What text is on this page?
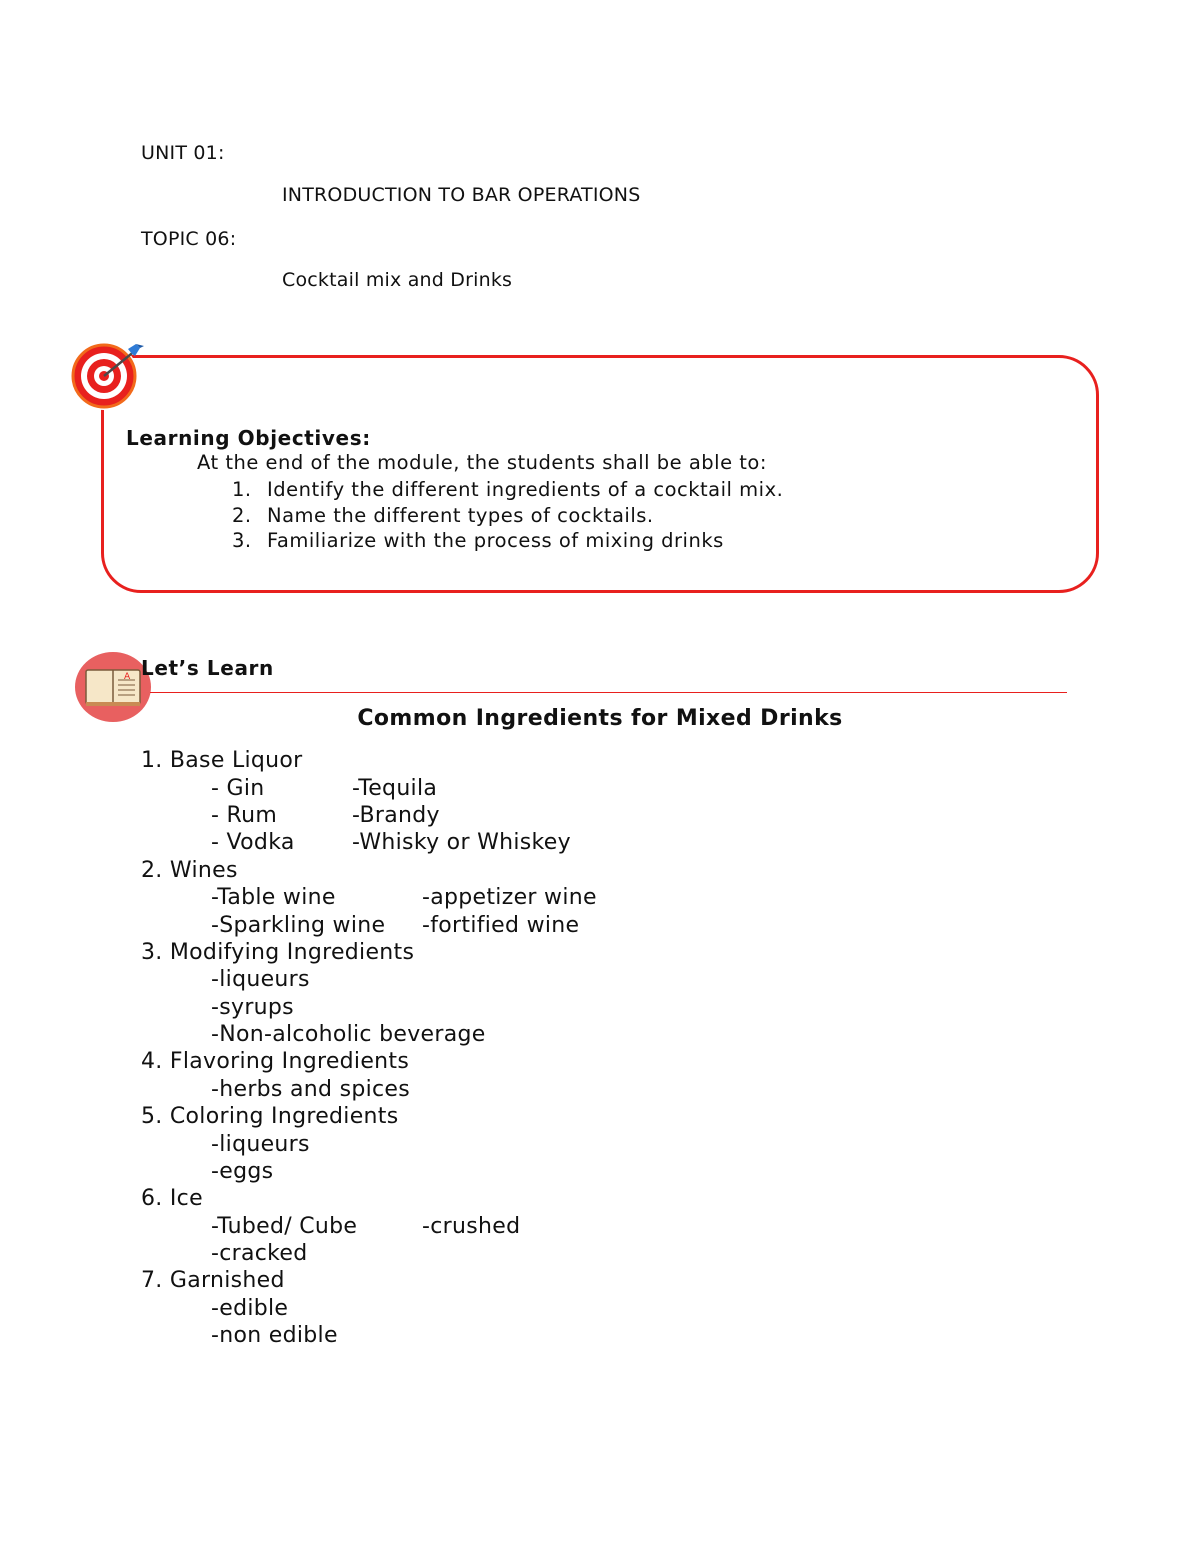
UNIT 01:
INTRODUCTION TO BAR OPERATIONS
TOPIC 06:
Cocktail mix and Drinks
Learning Objectives:
At the end of the module, the students shall be able to:
1. Identify the different ingredients of a cocktail mix.
2. Name the different types of cocktails.
3. Familiarize with the process of mixing drinks
A Let’s Learn
Common Ingredients for Mixed Drinks
1. Base Liquor
- Gin	-Tequila
- Rum	-Brandy
- Vodka	-Whisky or Whiskey
2. Wines
-Table wine	-appetizer wine
-Sparkling wine -fortified wine
3. Modifying Ingredients
-liqueurs
-syrups
-Non-alcoholic beverage
4. Flavoring Ingredients
-herbs and spices
5. Coloring Ingredients
-liqueurs
-eggs
6. Ice
-Tubed/ Cube	-crushed
-cracked
7. Garnished
-edible
-non edible
